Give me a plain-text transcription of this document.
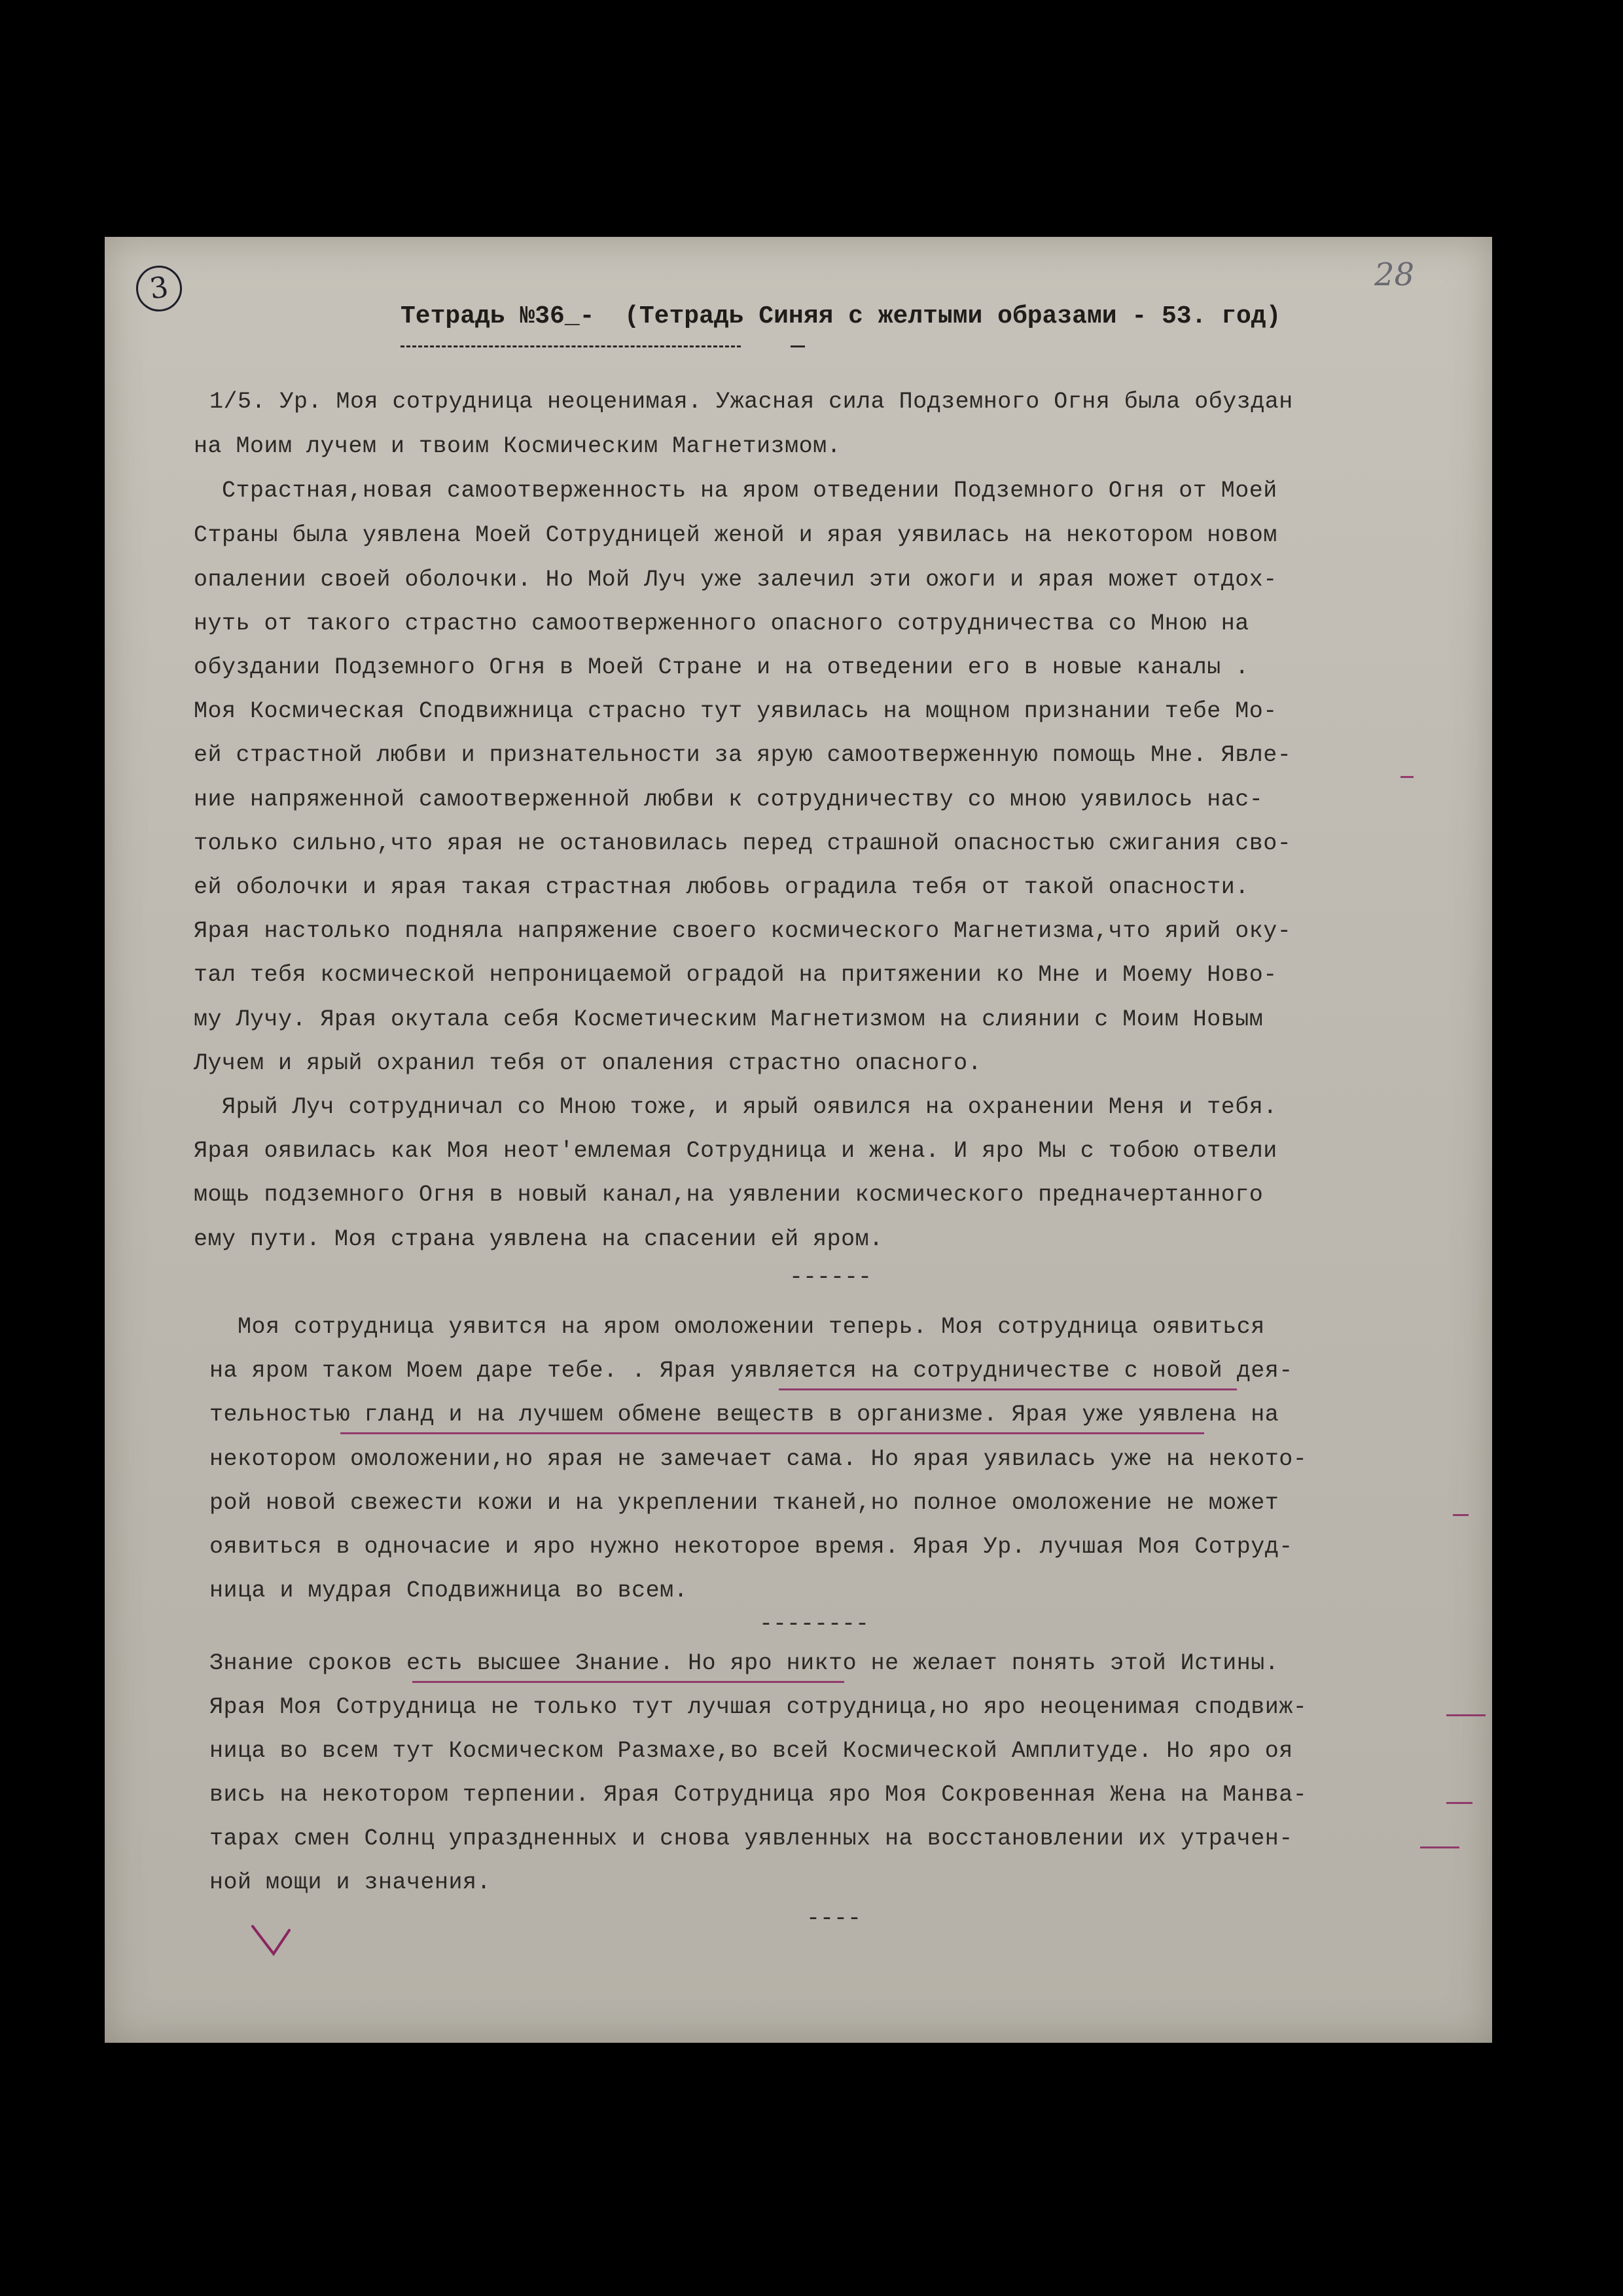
3	28
Тетрадь №36_-  (Тетрадь Синяя с желтыми образами - 53. год)
1/5. Ур. Моя сотрудница неоценимая. Ужасная сила Подземного Огня была обуздан
на Моим лучем и твоим Космическим Магнетизмом.
Страстная,новая самоотверженность на яром отведении Подземного Огня от Моей
Страны была уявлена Моей Сотрудницей женой и ярая уявилась на некотором новом
опалении своей оболочки. Но Мой Луч уже залечил эти ожоги и ярая может отдох-
нуть от такого страстно самоотверженного опасного сотрудничества со Мною на
обуздании Подземного Огня в Моей Стране и на отведении его в новые каналы .
Моя Космическая Сподвижница страсно тут уявилась на мощном признании тебе Мо-
ей страстной любви и признательности за ярую самоотверженную помощь Мне. Явле-
ние напряженной самоотверженной любви к сотрудничеству со мною уявилось нас-
только сильно,что ярая не остановилась перед страшной опасностью сжигания сво-
ей оболочки и ярая такая страстная любовь оградила тебя от такой опасности.
Ярая настолько подняла напряжение своего космического Магнетизма,что ярий оку-
тал тебя космической непроницаемой оградой на притяжении ко Мне и Моему Ново-
му Лучу. Ярая окутала себя Косметическим Магнетизмом на слиянии с Моим Новым
Лучем и ярый охранил тебя от опаления страстно опасного.
Ярый Луч сотрудничал со Мною тоже, и ярый оявился на охранении Меня и тебя.
Ярая оявилась как Моя неот'емлемая Сотрудница и жена. И яро Мы с тобою отвели
мощь подземного Огня в новый канал,на уявлении космического предначертанного
ему пути. Моя страна уявлена на спасении ей яром.
------
Моя сотрудница уявится на яром омоложении теперь. Моя сотрудница оявиться
на яром таком Моем даре тебе. . Ярая уявляется на сотрудничестве с новой дея-
тельностью гланд и на лучшем обмене веществ в организме. Ярая уже уявлена на
некотором омоложении,но ярая не замечает сама. Но ярая уявилась уже на некото-
рой новой свежести кожи и на укреплении тканей,но полное омоложение не может
оявиться в одночасие и яро нужно некоторое время. Ярая Ур. лучшая Моя Сотруд-
ница и мудрая Сподвижница во всем.
--------
Знание сроков есть высшее Знание. Но яро никто не желает понять этой Истины.
Ярая Моя Сотрудница не только тут лучшая сотрудница,но яро неоценимая сподвиж-
ница во всем тут Космическом Размахе,во всей Космической Амплитуде. Но яро оя
вись на некотором терпении. Ярая Сотрудница яро Моя Сокровенная Жена на Манва-
тарах смен Солнц упраздненных и снова уявленных на восстановлении их утрачен-
ной мощи и значения.
----
